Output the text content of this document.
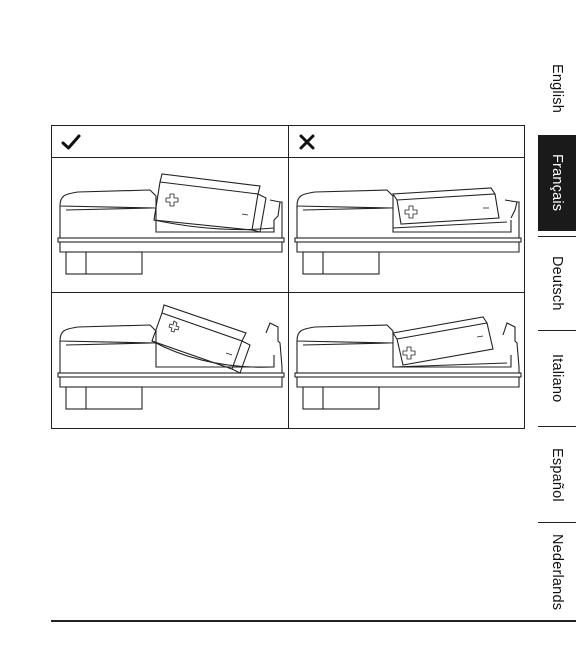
English
Français
Deutsch
Italiano
Español
Nederlands
